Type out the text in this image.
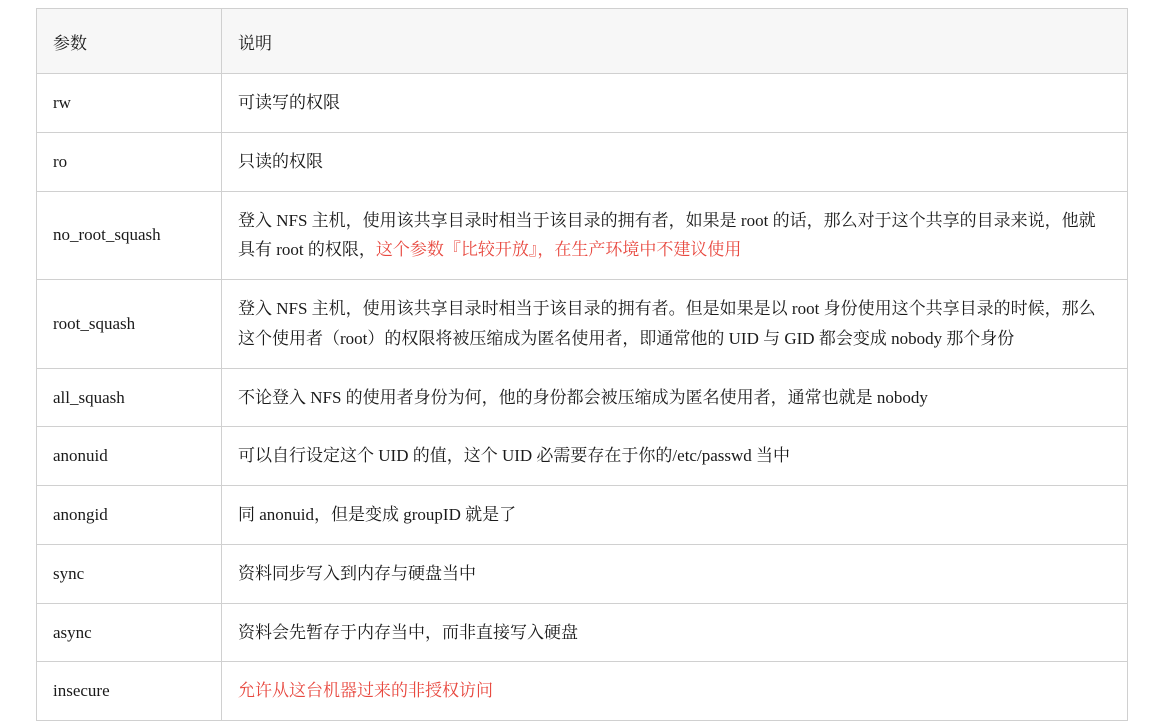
参数	说明
rw	可读写的权限
ro	只读的权限
no_root_squash	登入 NFS 主机，使用该共享目录时相当于该目录的拥有者，如果是 root 的话，那么对于这个共享的目录来说，他就具有 root 的权限，这个参数『比较开放』，在生产环境中不建议使用
root_squash	登入 NFS 主机，使用该共享目录时相当于该目录的拥有者。但是如果是以 root 身份使用这个共享目录的时候，那么这个使用者（root）的权限将被压缩成为匿名使用者，即通常他的 UID 与 GID 都会变成 nobody 那个身份
all_squash	不论登入 NFS 的使用者身份为何，他的身份都会被压缩成为匿名使用者，通常也就是 nobody
anonuid	可以自行设定这个 UID 的值，这个 UID 必需要存在于你的/etc/passwd 当中
anongid	同 anonuid，但是变成 groupID 就是了
sync	资料同步写入到内存与硬盘当中
async	资料会先暂存于内存当中，而非直接写入硬盘
insecure	允许从这台机器过来的非授权访问
